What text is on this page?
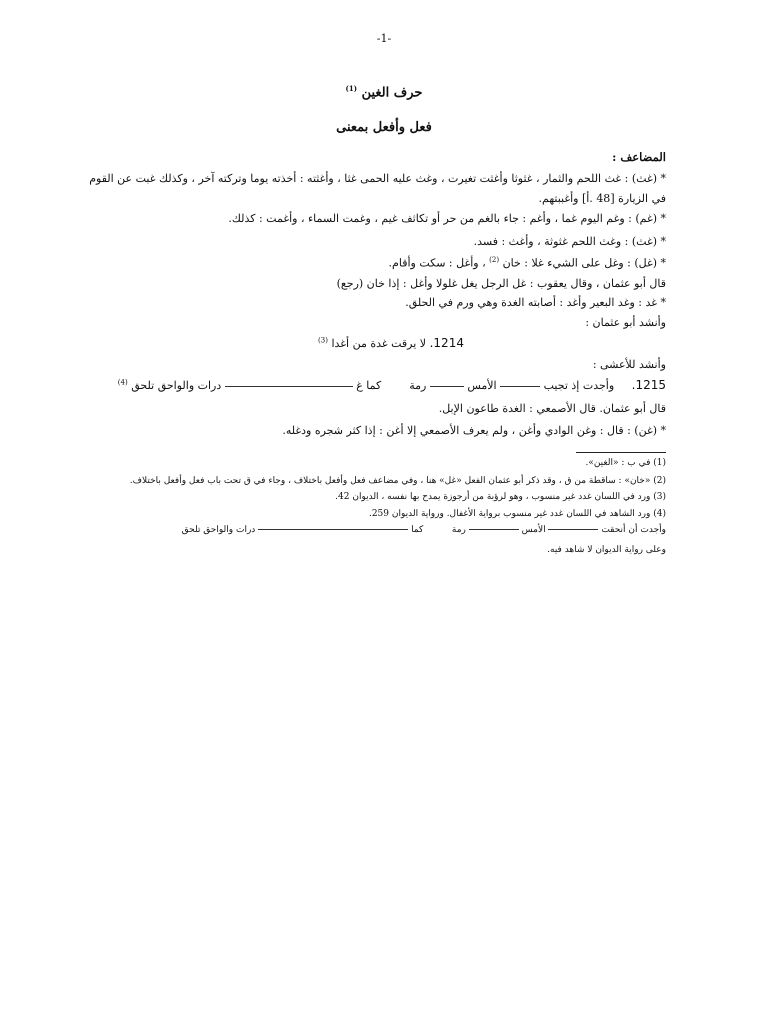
-1-
حرف الغين $^{(1)}$
فعل وأفعل بمعنى
المضاعف :
* (غث) : غث اللحم والثمار ، غثوثا وأغثت تغيرت ، وغث عليه الحمى غثا ، وأغثته : أخذته يوما وتركته آخر ، وكذلك غبت عن القوم
في الزيارة [48 .أ] وأغببتهم.
* (غم) : وغم اليوم غما ، وأغم : جاء بالغم من حر أو تكاثف غيم ، وغمت السماء ، وأغمت : كذلك.
* (غث) : وغث اللحم غثوثة ، وأغث : فسد.
* (غل) : وغل على الشيء غلا : خان $^{(2)}$ ، وأغل : سكت وأقام.
قال أبو عثمان ، وقال يعقوب : غل الرجل يغل غلولا وأغل : إذا خان (رجع)
* غد : وغد البعير وأغد : أصابته الغدة وهي ورم في الحلق.
وأنشد أبو عثمان :
1214. لا يرقت غدة من أغدا $^{(3)}$
وأنشد للأعشى :
1215.     وأجدت إذ تجيب  الأمس  رمة        كما غ  درات والواحق تلحق $^{(4)}$
قال أبو عثمان. قال الأصمعي : الغدة طاعون الإبل.
* (غن) : قال : وغن الوادي وأغن ، ولم يعرف الأصمعي إلا أغن : إذا كثر شجره ودغله.
(1) في ب : «الغين».
(2) «خان» : ساقطة من ق ، وقد ذكر أبو عثمان الفعل «غل» هنا ، وفي مضاعف فعل وأفعل باختلاف ، وجاء في ق تحت باب فعل وأفعل باختلاف.
(3) ورد في اللسان غدد غير منسوب ، وهو لرؤبة من أرجوزة يمدح بها نفسه ، الديوان 42.
(4) ورد الشاهد في اللسان غدد غير منسوب برواية الأغفال. ورواية الديوان 259.
وأجدت أن أنحقت  الأمس  رمة          كما  درات والواحق تلحق
وعلى رواية الديوان لا شاهد فيه.
